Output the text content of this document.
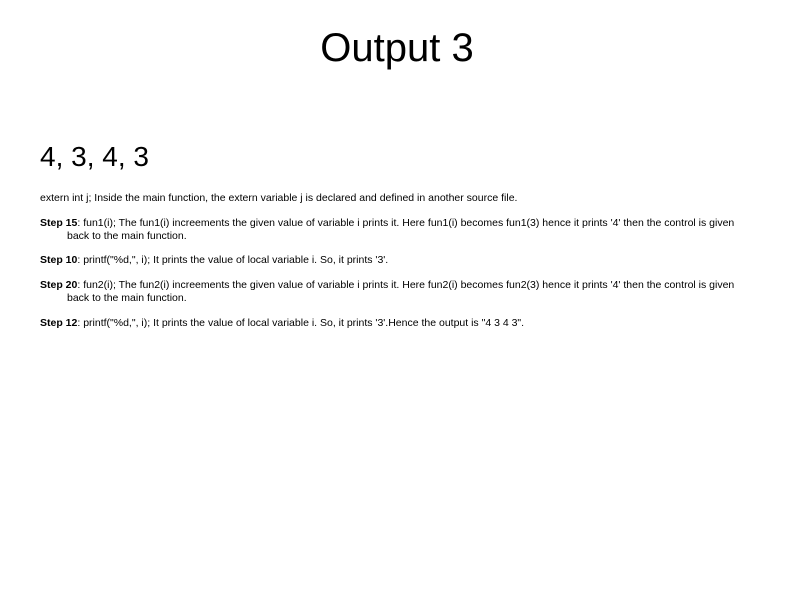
Output 3
4, 3, 4, 3

extern int j; Inside the main function, the extern variable j is declared and defined in another source file.

Step 15: fun1(i); The fun1(i) increements the given value of variable i prints it. Here fun1(i) becomes fun1(3) hence it prints '4' then the control is given back to the main function.

Step 10: printf("%d,", i); It prints the value of local variable i. So, it prints '3'.

Step 20: fun2(i); The fun2(i) increements the given value of variable i prints it. Here fun2(i) becomes fun2(3) hence it prints '4' then the control is given back to the main function.

Step 12: printf("%d,", i); It prints the value of local variable i. So, it prints '3'.Hence the output is "4 3 4 3".
